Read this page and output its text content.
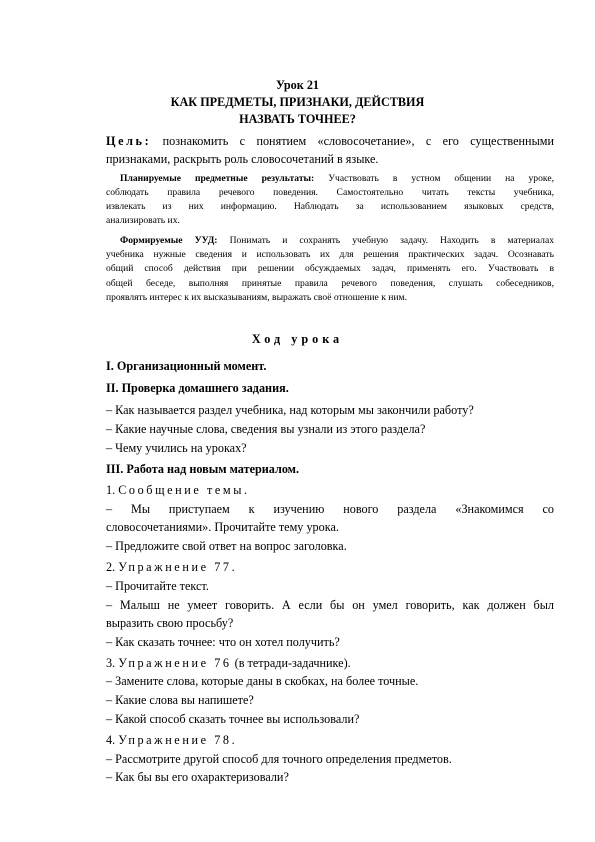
Урок 21
КАК ПРЕДМЕТЫ, ПРИЗНАКИ, ДЕЙСТВИЯ
НАЗВАТЬ ТОЧНЕЕ?
Цель: познакомить с понятием «словосочетание», с его существенными
признаками, раскрыть роль словосочетаний в языке.
Планируемые предметные результаты: Участвовать в устном общении на уроке,
соблюдать правила речевого поведения. Самостоятельно читать тексты учебника,
извлекать из них информацию. Наблюдать за использованием языковых средств,
анализировать их.
Формируемые УУД: Понимать и сохранять учебную задачу. Находить в материалах
учебника нужные сведения и использовать их для решения практических задач. Осознавать
общий способ действия при решении обсуждаемых задач, применять его. Участвовать в
общей беседе, выполняя принятые правила речевого поведения, слушать собеседников,
проявлять интерес к их высказываниям, выражать своё отношение к ним.
Ход урока
I. Организационный момент.
II. Проверка домашнего задания.
– Как называется раздел учебника, над которым мы закончили работу?
– Какие научные слова, сведения вы узнали из этого раздела?
– Чему учились на уроках?
III. Работа над новым материалом.
1. Сообщение темы.
– Мы приступаем к изучению нового раздела «Знакомимся со
словосочетаниями». Прочитайте тему урока.
– Предложите свой ответ на вопрос заголовка.
2. Упражнение 77.
– Прочитайте текст.
– Малыш не умеет говорить. А если бы он умел говорить, как должен был
выразить свою просьбу?
– Как сказать точнее: что он хотел получить?
3. Упражнение 76 (в тетради-задачнике).
– Замените слова, которые даны в скобках, на более точные.
– Какие слова вы напишете?
– Какой способ сказать точнее вы использовали?
4. Упражнение 78.
– Рассмотрите другой способ для точного определения предметов.
– Как бы вы его охарактеризовали?
